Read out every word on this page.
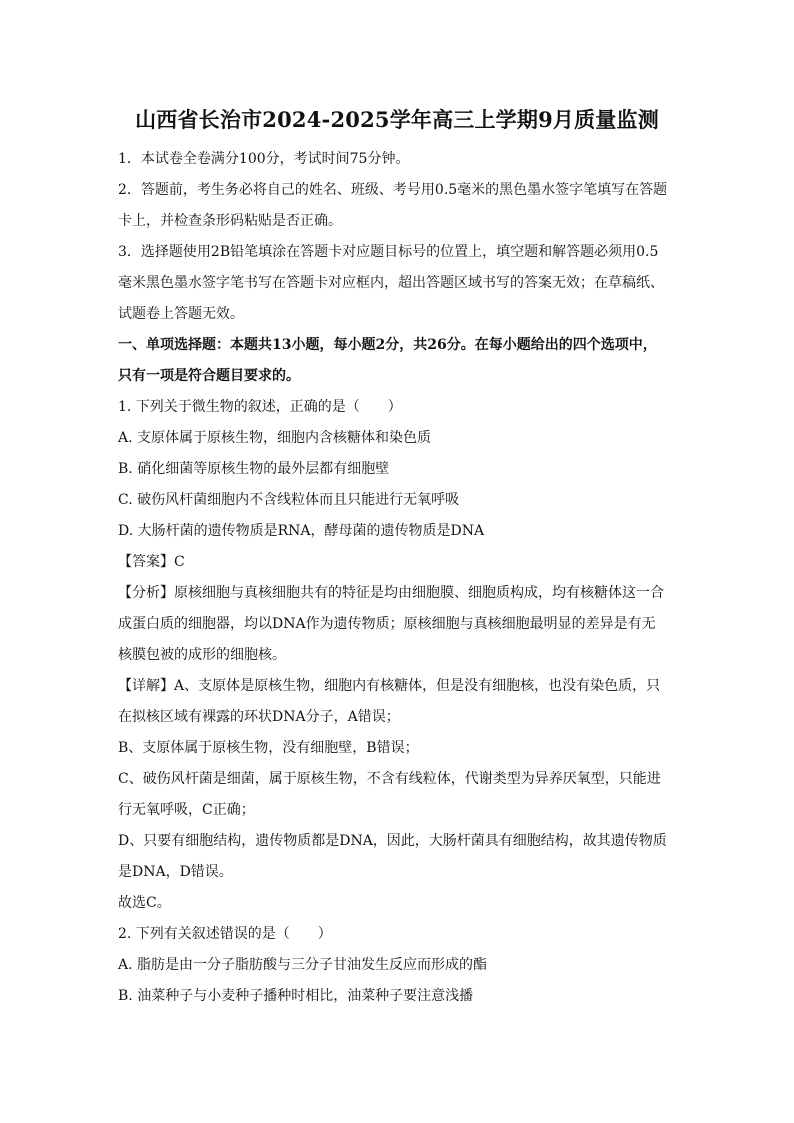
山西省长治市2024-2025学年高三上学期9月质量监测
1．本试卷全卷满分100分，考试时间75分钟。
2．答题前，考生务必将自己的姓名、班级、考号用0.5毫米的黑色墨水签字笔填写在答题
卡上，并检查条形码粘贴是否正确。
3．选择题使用2B铅笔填涂在答题卡对应题目标号的位置上，填空题和解答题必须用0.5
毫米黑色墨水签字笔书写在答题卡对应框内，超出答题区域书写的答案无效；在草稿纸、
试题卷上答题无效。
一、单项选择题：本题共13小题，每小题2分，共26分。在每小题给出的四个选项中，
只有一项是符合题目要求的。
1. 下列关于微生物的叙述，正确的是（　　）
A. 支原体属于原核生物，细胞内含核糖体和染色质
B. 硝化细菌等原核生物的最外层都有细胞壁
C. 破伤风杆菌细胞内不含线粒体而且只能进行无氧呼吸
D. 大肠杆菌的遗传物质是RNA，酵母菌的遗传物质是DNA
【答案】C
【分析】原核细胞与真核细胞共有的特征是均由细胞膜、细胞质构成，均有核糖体这一合
成蛋白质的细胞器，均以DNA作为遗传物质；原核细胞与真核细胞最明显的差异是有无
核膜包被的成形的细胞核。
【详解】A、支原体是原核生物，细胞内有核糖体，但是没有细胞核，也没有染色质，只
在拟核区域有裸露的环状DNA分子，A错误；
B、支原体属于原核生物，没有细胞壁，B错误；
C、破伤风杆菌是细菌，属于原核生物，不含有线粒体，代谢类型为异养厌氧型，只能进
行无氧呼吸，C正确；
D、只要有细胞结构，遗传物质都是DNA，因此，大肠杆菌具有细胞结构，故其遗传物质
是DNA，D错误。
故选C。
2. 下列有关叙述错误的是（　　）
A. 脂肪是由一分子脂肪酸与三分子甘油发生反应而形成的酯
B. 油菜种子与小麦种子播种时相比，油菜种子要注意浅播
